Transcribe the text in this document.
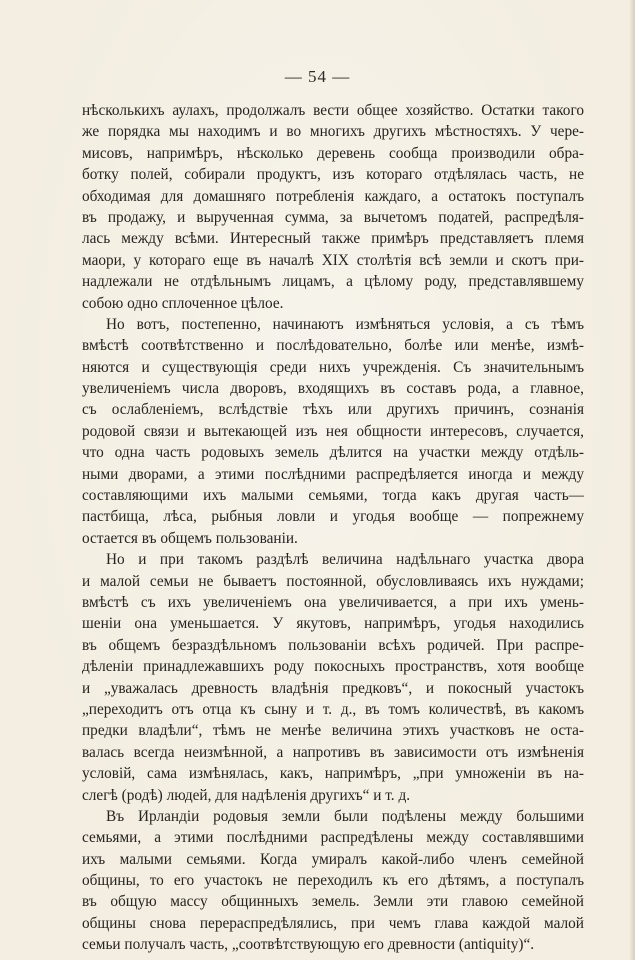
— 54 —
нѣсколькихъ аулахъ, продолжалъ вести общее хозяйство. Остатки такого
же порядка мы находимъ и во многихъ другихъ мѣстностяхъ. У чере-
мисовъ, напримѣръ, нѣсколько деревень сообща производили обра-
ботку полей, собирали продуктъ, изъ котораго отдѣлялась часть, не
обходимая для домашняго потребленія каждаго, а остатокъ поступалъ
въ продажу, и вырученная сумма, за вычетомъ податей, распредѣля-
лась между всѣми. Интересный также примѣръ представляетъ племя
маори, у котораго еще въ началѣ XIX столѣтія всѣ земли и скотъ при-
надлежали не отдѣльнымъ лицамъ, а цѣлому роду, представлявшему
собою одно сплоченное цѣлое.
Но вотъ, постепенно, начинаютъ измѣняться условія, а съ тѣмъ
вмѣстѣ соотвѣтственно и послѣдовательно, болѣе или менѣе, измѣ-
няются и существующія среди нихъ учрежденія. Съ значительнымъ
увеличеніемъ числа дворовъ, входящихъ въ составъ рода, а главное,
съ ослабленіемъ, вслѣдствіе тѣхъ или другихъ причинъ, сознанія
родовой связи и вытекающей изъ нея общности интересовъ, случается,
что одна часть родовыхъ земель дѣлится на участки между отдѣль-
ными дворами, а этими послѣдними распредѣляется иногда и между
составляющими ихъ малыми семьями, тогда какъ другая часть—
пастбища, лѣса, рыбныя ловли и угодья вообще — попрежнему
остается въ общемъ пользованіи.
Но и при такомъ раздѣлѣ величина надѣльнаго участка двора
и малой семьи не бываетъ постоянной, обусловливаясь ихъ нуждами;
вмѣстѣ съ ихъ увеличеніемъ она увеличивается, а при ихъ умень-
шеніи она уменьшается. У якутовъ, напримѣръ, угодья находились
въ общемъ безраздѣльномъ пользованіи всѣхъ родичей. При распре-
дѣленіи принадлежавшихъ роду покосныхъ пространствъ, хотя вообще
и „уважалась древность владѣнія предковъ“, и покосный участокъ
„переходитъ отъ отца къ сыну и т. д., въ томъ количествѣ, въ какомъ
предки владѣли“, тѣмъ не менѣе величина этихъ участковъ не оста-
валась всегда неизмѣнной, а напротивъ въ зависимости отъ измѣненія
условій, сама измѣнялась, какъ, напримѣръ, „при умноженіи въ на-
слегѣ (родѣ) людей, для надѣленія другихъ“ и т. д.
Въ Ирландіи родовыя земли были подѣлены между большими
семьями, а этими послѣдними распредѣлены между составлявшими
ихъ малыми семьями. Когда умиралъ какой-либо членъ семейной
общины, то его участокъ не переходилъ къ его дѣтямъ, а поступалъ
въ общую массу общинныхъ земель. Земли эти главою семейной
общины снова перераспредѣлялись, при чемъ глава каждой малой
семьи получалъ часть, „соотвѣтствующую его древности (antiquity)“.
